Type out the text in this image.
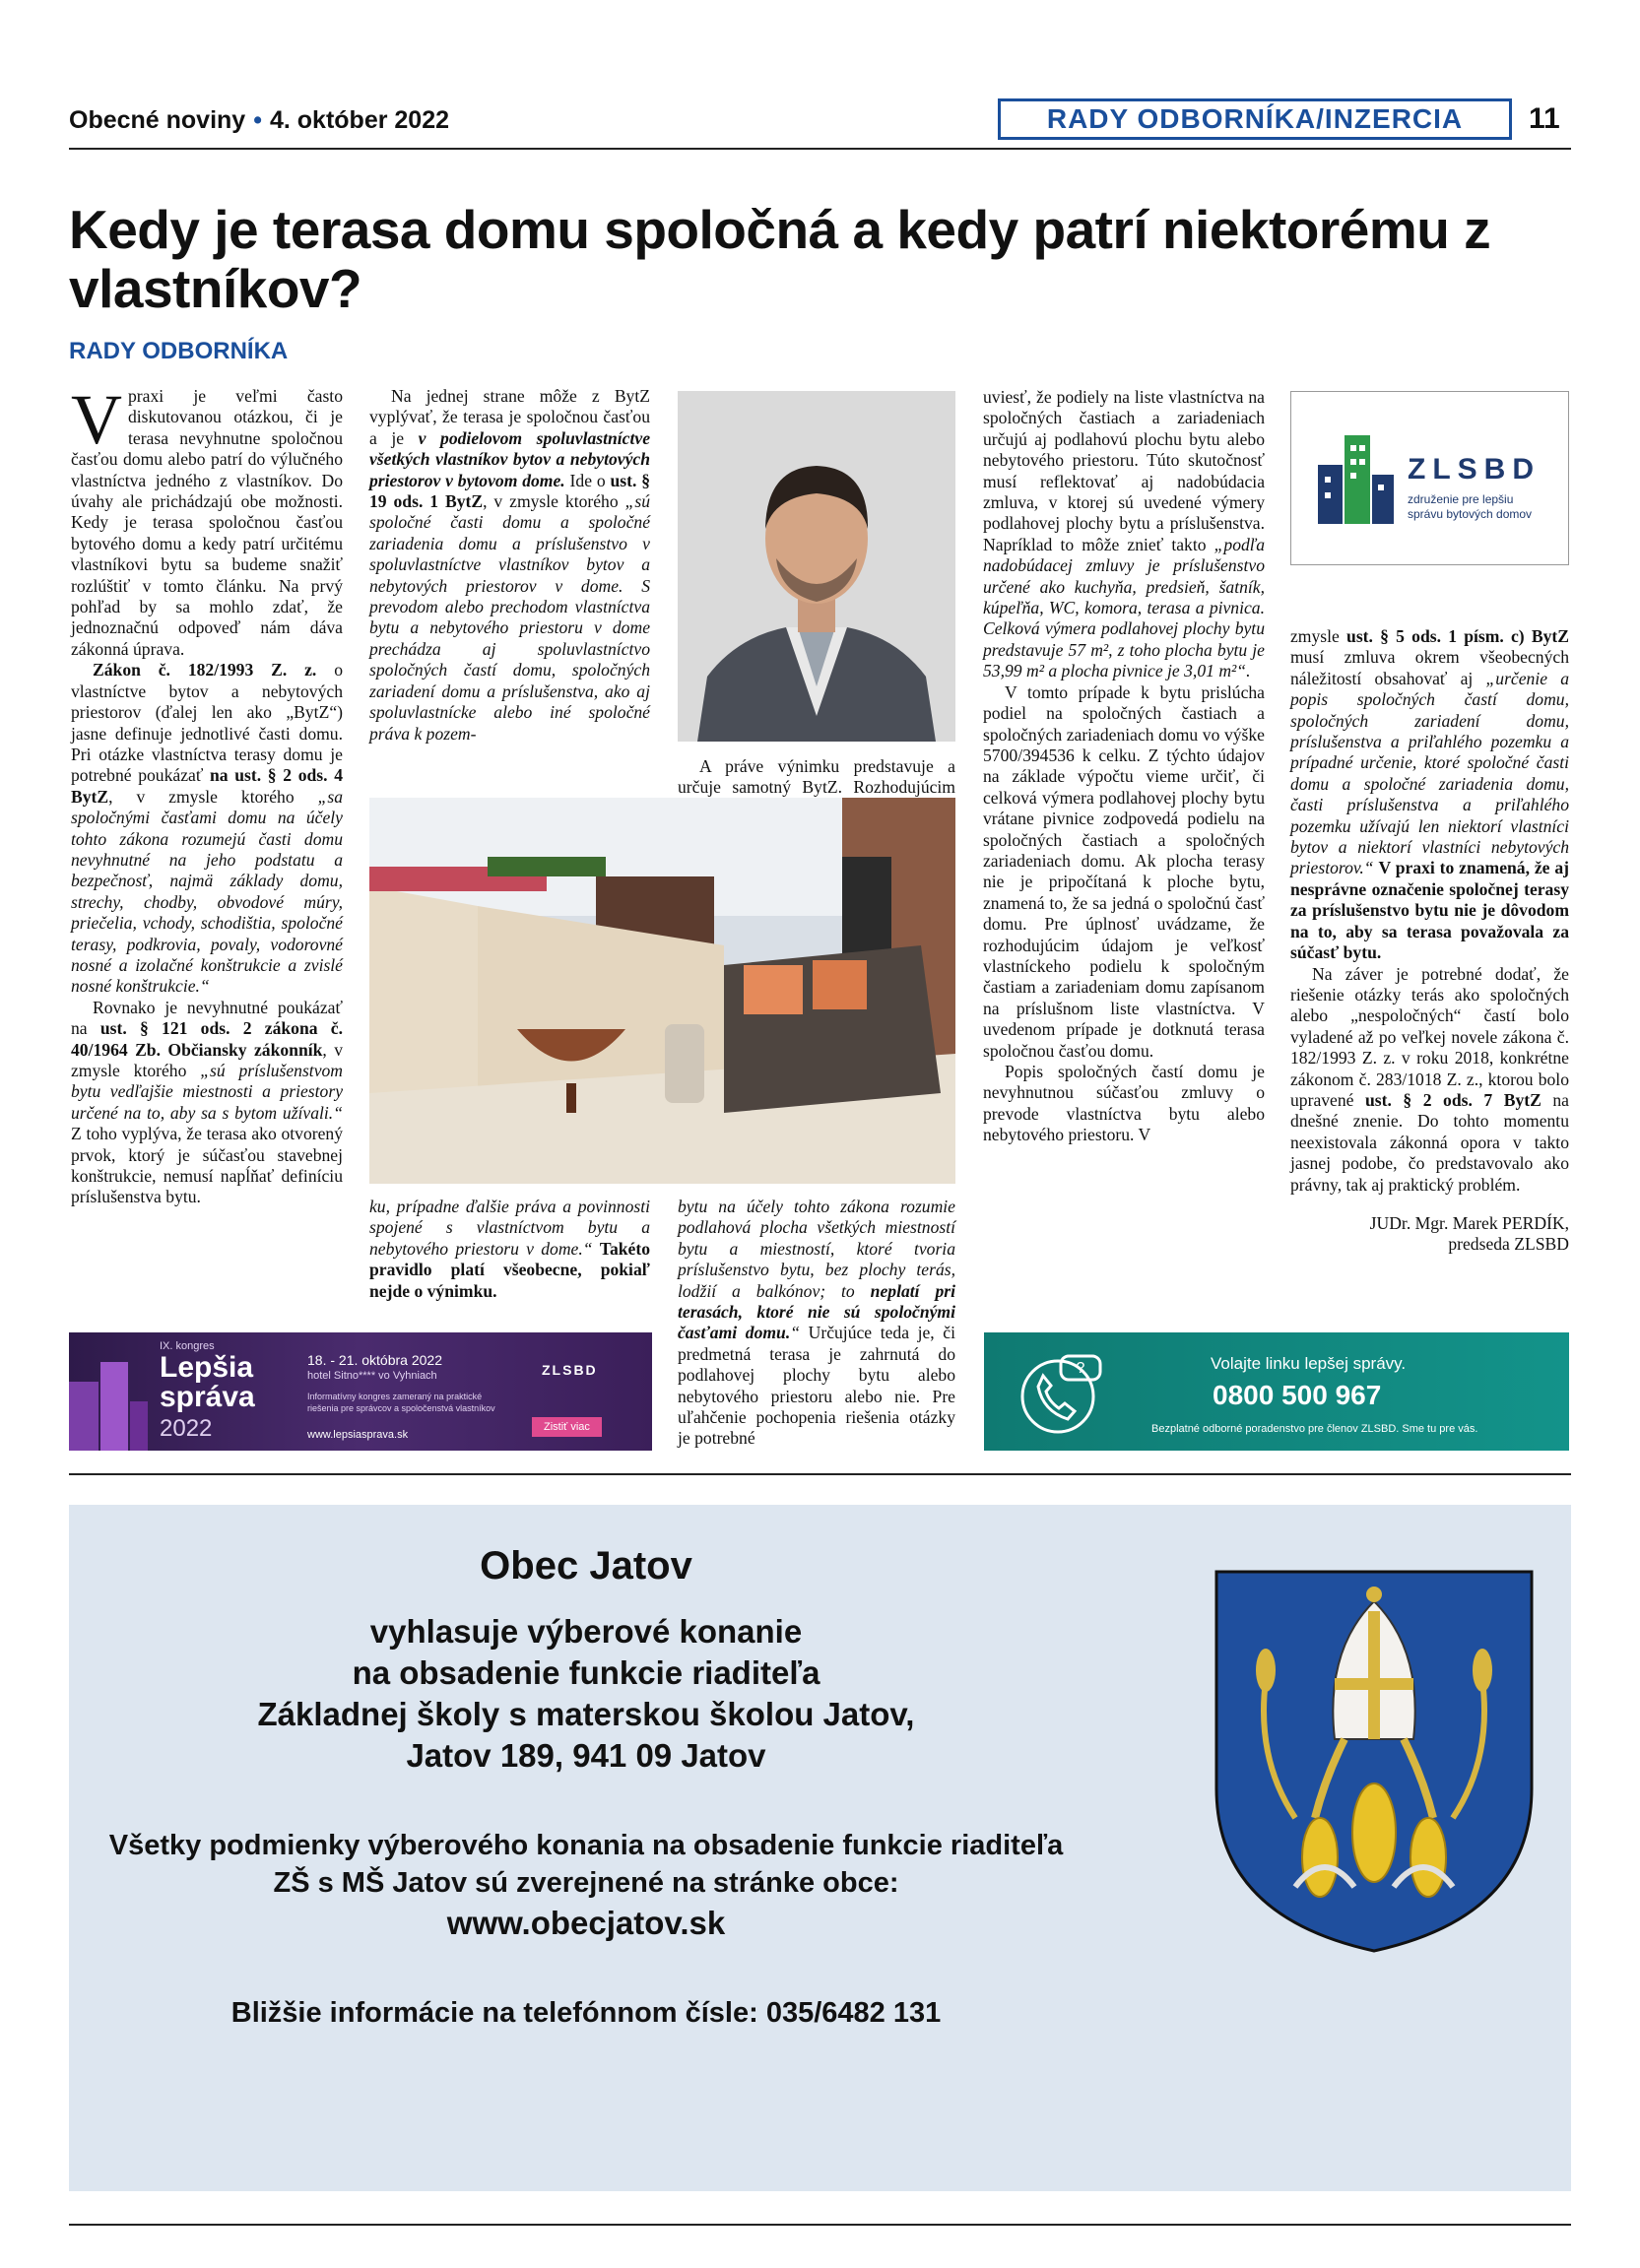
Obecné noviny • 4. október 2022	RADY ODBORNÍKA/INZERCIA	11
Kedy je terasa domu spoločná a kedy patrí niektorému z vlastníkov?
RADY ODBORNÍKA

Vpraxi je veľmi často diskutovanou otázkou, či je terasa nevyhnutne spoločnou časťou domu alebo patrí do výlučného vlastníctva jedného z vlastníkov. Do úvahy ale prichádzajú obe možnosti. Kedy je terasa spoločnou časťou bytového domu a kedy patrí určitému vlastníkovi bytu sa budeme snažiť rozlúštiť v tomto článku. Na prvý pohľad by sa mohlo zdať, že jednoznačnú odpoveď nám dáva zákonná úprava.

Zákon č. 182/1993 Z. z. o vlastníctve bytov a nebytových priestorov (ďalej len ako „BytZ“) jasne definuje jednotlivé časti domu. Pri otázke vlastníctva terasy domu je potrebné poukázať na ust. § 2 ods. 4 BytZ, v zmysle ktorého „sa spoločnými časťami domu na účely tohto zákona rozumejú časti domu nevyhnutné na jeho podstatu a bezpečnosť, najmä základy domu, strechy, chodby, obvodové múry, priečelia, vchody, schodištia, spoločné terasy, podkrovia, povaly, vodorovné nosné a izolačné konštrukcie a zvislé nosné konštrukcie.“

Rovnako je nevyhnutné poukázať na ust. § 121 ods. 2 zákona č. 40/1964 Zb. Občiansky zákonník, v zmysle ktorého „sú príslušenstvom bytu vedľajšie miestnosti a priestory určené na to, aby sa s bytom užívali.“ Z toho vyplýva, že terasa ako otvorený prvok, ktorý je súčasťou stavebnej konštrukcie, nemusí napĺňať definíciu príslušenstva bytu.

Na jednej strane môže z BytZ vyplývať, že terasa je spoločnou časťou a je v podielovom spoluvlastníctve všetkých vlastníkov bytov a nebytových priestorov v bytovom dome. Ide o ust. § 19 ods. 1 BytZ, v zmysle ktorého „sú spoločné časti domu a spoločné zariadenia domu a príslušenstvo v spoluvlastníctve vlastníkov bytov a nebytových priestorov v dome. S prevodom alebo prechodom vlastníctva bytu a nebytového priestoru v dome prechádza aj spoluvlastníctvo spoločných častí domu, spoločných zariadení domu a príslušenstva, ako aj spoluvlastnícke alebo iné spoločné práva k pozem-

A práve výnimku predstavuje a určuje samotný BytZ. Rozhodujúcim

ku, prípadne ďalšie práva a povinnosti spojené s vlastníctvom bytu a nebytového priestoru v dome.“ Takéto pravidlo platí všeobecne, pokiaľ nejde o výnimku.

bytu na účely tohto zákona rozumie podlahová plocha všetkých miestností bytu a miestností, ktoré tvoria príslušenstvo bytu, bez plochy terás, lodžií a balkónov; to neplatí pri terasách, ktoré nie sú spoločnými časťami domu.“ Určujúce teda je, či predmetná terasa je zahrnutá do podlahovej plochy bytu alebo nebytového priestoru alebo nie. Pre uľahčenie pochopenia riešenia otázky je potrebné

uviesť, že podiely na liste vlastníctva na spoločných častiach a zariadeniach určujú aj podlahovú plochu bytu alebo nebytového priestoru. Túto skutočnosť musí reflektovať aj nadobúdacia zmluva, v ktorej sú uvedené výmery podlahovej plochy bytu a príslušenstva. Napríklad to môže znieť takto „podľa nadobúdacej zmluvy je príslušenstvo určené ako kuchyňa, predsieň, šatník, kúpeľňa, WC, komora, terasa a pivnica. Celková výmera podlahovej plochy bytu predstavuje 57 m², z toho plocha bytu je 53,99 m² a plocha pivnice je 3,01 m²“.

V tomto prípade k bytu prislúcha podiel na spoločných častiach a spoločných zariadeniach domu vo výške 5700/394536 k celku. Z týchto údajov na základe výpočtu vieme určiť, či celková výmera podlahovej plochy bytu vrátane pivnice zodpovedá podielu na spoločných častiach a spoločných zariadeniach domu. Ak plocha terasy nie je pripočítaná k ploche bytu, znamená to, že sa jedná o spoločnú časť domu. Pre úplnosť uvádzame, že rozhodujúcim údajom je veľkosť vlastníckeho podielu k spoločným častiam a zariadeniam domu zapísanom na príslušnom liste vlastníctva. V uvedenom prípade je dotknutá terasa spoločnou časťou domu.

Popis spoločných častí domu je nevyhnutnou súčasťou zmluvy o prevode vlastníctva bytu alebo nebytového priestoru. V

ZLSBD
združenie pre lepšiu
správu bytových domov

zmysle ust. § 5 ods. 1 písm. c) BytZ musí zmluva okrem všeobecných náležitostí obsahovať aj „určenie a popis spoločných častí domu, spoločných zariadení domu, príslušenstva a priľahlého pozemku a prípadné určenie, ktoré spoločné časti domu a spoločné zariadenia domu, časti príslušenstva a priľahlého pozemku užívajú len niektorí vlastníci bytov a niektorí vlastníci nebytových priestorov.“ V praxi to znamená, že aj nesprávne označenie spoločnej terasy za príslušenstvo bytu nie je dôvodom na to, aby sa terasa považovala za súčasť bytu.

Na záver je potrebné dodať, že riešenie otázky terás ako spoločných alebo „nespoločných“ častí bolo vyladené až po veľkej novele zákona č. 182/1993 Z. z. v roku 2018, konkrétne zákonom č. 283/1018 Z. z., ktorou bolo upravené ust. § 2 ods. 7 BytZ na dnešné znenie. Do tohto momentu neexistovala zákonná opora v takto jasnej podobe, čo predstavovalo ako právny, tak aj praktický problém.

JUDr. Mgr. Marek PERDÍK,
predseda ZLSBD

IX. kongres
Lepšia
správa
2022
18. - 21. októbra 2022
hotel Sitno**** vo Vyhniach
Informatívny kongres zameraný na praktické
riešenia pre správcov a spoločenstvá vlastníkov
www.lepsiasprava.sk
ZLSBD
Zistiť viac
?	Volajte linku lepšej správy.
0800 500 967
Bezplatné odborné poradenstvo pre členov ZLSBD. Sme tu pre vás.
Obec Jatov
vyhlasuje výberové konanie
na obsadenie funkcie riaditeľa
Základnej školy s materskou školou Jatov,
Jatov 189, 941 09 Jatov
Všetky podmienky výberového konania na obsadenie funkcie riaditeľa
ZŠ s MŠ Jatov sú zverejnené na stránke obce:
www.obecjatov.sk
Bližšie informácie na telefónnom čísle: 035/6482 131
